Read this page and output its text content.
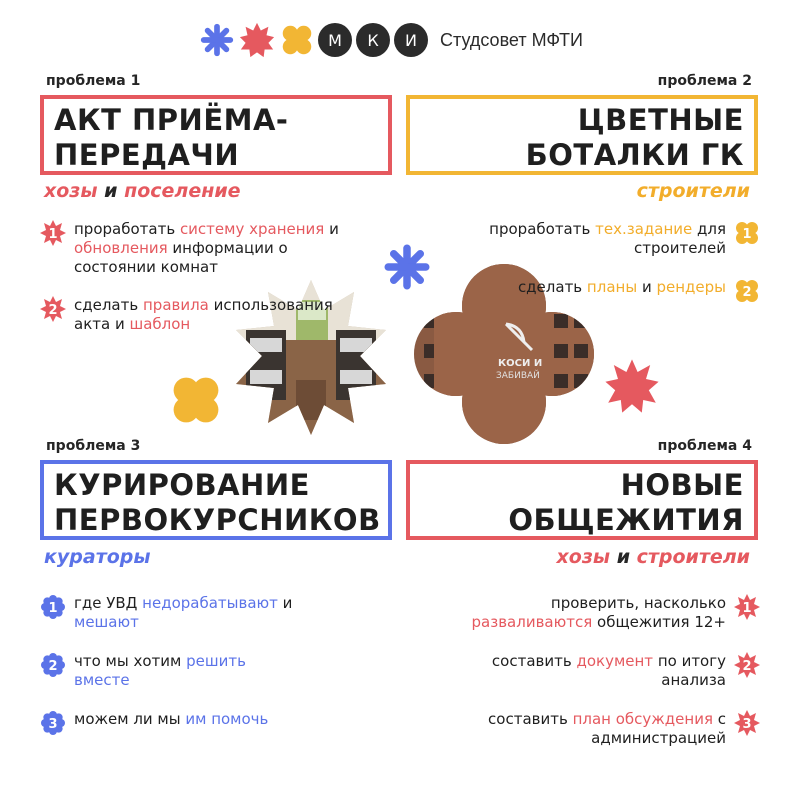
М	К	И	Студсовет МФТИ
проблема 1
АКТ ПРИЁМА-
ПЕРЕДАЧИ
хозы и поселение
проблема 2
ЦВЕТНЫЕ
БОТАЛКИ ГК
строители
проблема 3
КУРИРОВАНИЕ
ПЕРВОКУРСНИКОВ
кураторы
проблема 4
НОВЫЕ
ОБЩЕЖИТИЯ
хозы и строители
КОСИ И
ЗАБИВАЙ
1 проработать систему хранения и обновления информации о состоянии комнат
2 сделать правила использования акта и шаблон
1
проработать тех.задание для строителей
2
сделать планы и рендеры
1 где УВД недорабатывают и мешают
2 что мы хотим решить вместе
3 можем ли мы им помочь
1
проверить, насколько разваливаются общежития 12+
2
составить документ по итогу анализа
3
составить план обсуждения с администрацией
